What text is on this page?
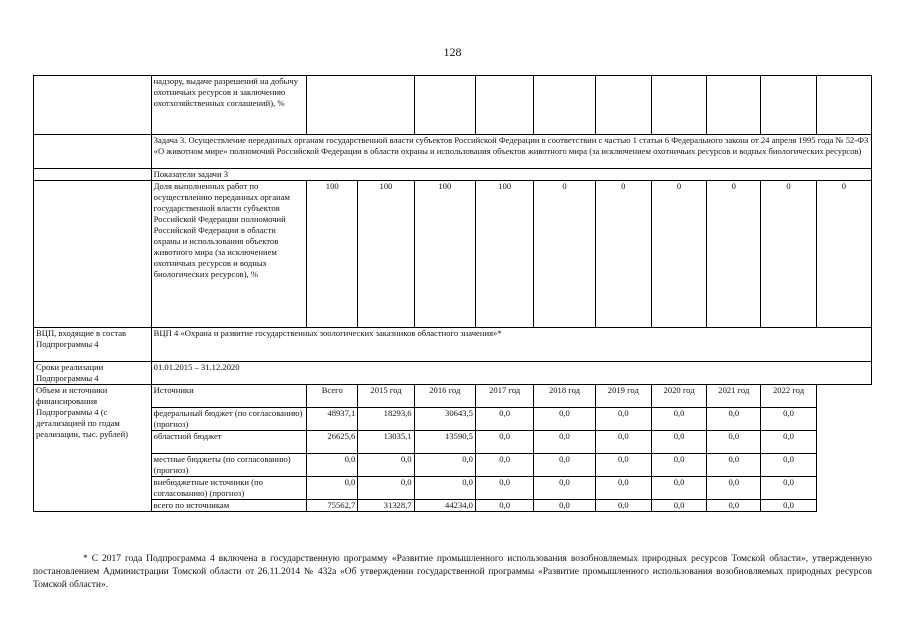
128
	надзору, выдаче разрешений на добычу охотничьих ресурсов и заключению охотхозяйственных соглашений), %										
	Задача 3. Осуществление переданных органам государственной власти субъектов Российской Федерации в соответствии с частью 1 статьи 6 Федерального закона от 24 апреля 1995 года № 52-ФЗ «О животном мире» полномочий Российской Федерации в области охраны и использования объектов животного мира (за исключением охотничьих ресурсов и водных биологических ресурсов)										
	Показатели задачи 3										
	Доля выполненных работ по осуществлению переданных органам государственной власти субъектов Российской Федерации полномочий Российской Федерации в области охраны и использования объектов животного мира (за исключением охотничьих ресурсов и водных биологических ресурсов), %	100	100	100	100	0	0	0	0	0	0
ВЦП, входящие в состав Подпрограммы 4	ВЦП 4 «Охрана и развитие государственных зоологических заказников областного значения»*										
Сроки реализации Подпрограммы 4	01.01.2015 – 31.12.2020										
Объем и источники финансирования Подпрограммы 4 (с детализацией по годам реализации, тыс. рублей)	Источники	Всего	2015 год	2016 год	2017 год	2018 год	2019 год	2020 год	2021 год	2022 год	
	федеральный бюджет (по согласованию) (прогноз)	48937,1	18293,6	30643,5	0,0	0,0	0,0	0,0	0,0	0,0	
	областной бюджет	26625,6	13035,1	13590,5	0,0	0,0	0,0	0,0	0,0	0,0	
	местные бюджеты (по согласованию) (прогноз)	0,0	0,0	0,0	0,0	0,0	0,0	0,0	0,0	0,0	
	внебюджетные источники (по согласованию) (прогноз)	0,0	0,0	0,0	0,0	0,0	0,0	0,0	0,0	0,0	
	всего по источникам	75562,7	31328,7	44234,0	0,0	0,0	0,0	0,0	0,0	0,0	

* С 2017 года Подпрограмма 4 включена в государственную программу «Развитие промышленного использования возобновляемых природных ресурсов Томской области», утвержденную постановлением Администрации Томской области от 26.11.2014 № 432а «Об утверждении государственной программы «Развитие промышленного использования возобновляемых природных ресурсов Томской области».
